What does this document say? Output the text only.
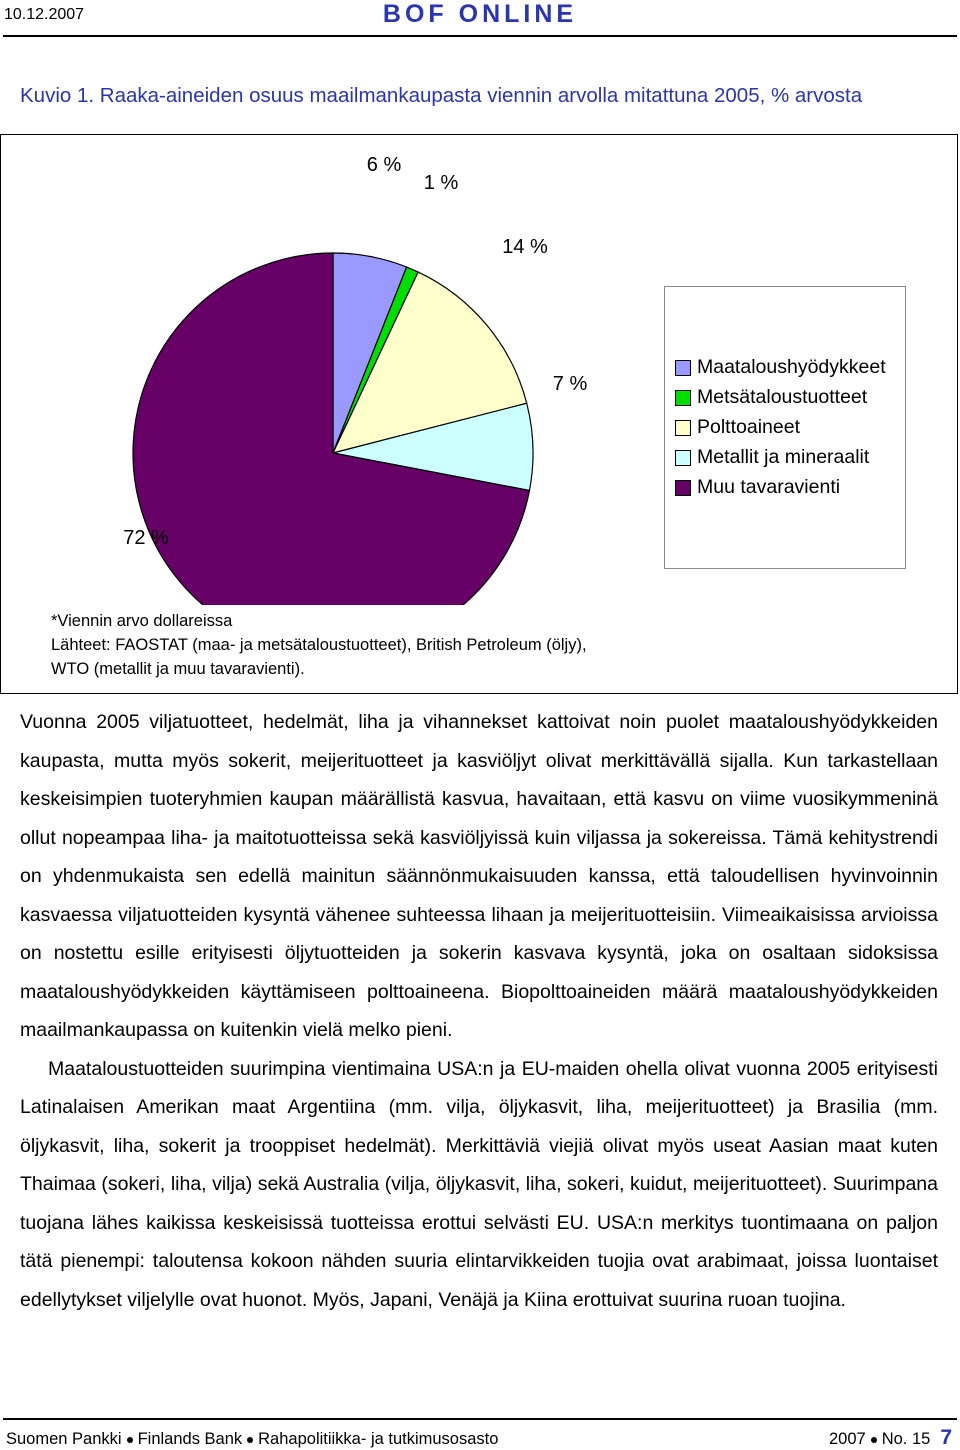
10.12.2007	BOF ONLINE
Kuvio 1. Raaka-aineiden osuus maailmankaupasta viennin arvolla mitattuna 2005, % arvosta
6 %
1 %
14 %
7 %
72 %
Maataloushyödykkeet
Metsätaloustuotteet
Polttoaineet
Metallit ja mineraalit
Muu tavaravienti
*Viennin arvo dollareissa
Lähteet: FAOSTAT (maa- ja metsätaloustuotteet), British Petroleum (öljy),
WTO (metallit ja muu tavaravienti).

Vuonna 2005 viljatuotteet, hedelmät, liha ja vihannekset kattoivat noin puolet maataloushyödykkeiden kaupasta, mutta myös sokerit, meijerituotteet ja kasviöljyt olivat merkittävällä sijalla. Kun tarkastellaan keskeisimpien tuoteryhmien kaupan määrällistä kasvua, havaitaan, että kasvu on viime vuosikymmeninä ollut nopeampaa liha- ja maitotuotteissa sekä kasviöljyissä kuin viljassa ja sokereissa. Tämä kehitystrendi on yhdenmukaista sen edellä mainitun säännönmukaisuuden kanssa, että taloudellisen hyvinvoinnin kasvaessa viljatuotteiden kysyntä vähenee suhteessa lihaan ja meijerituotteisiin. Viimeaikaisissa arvioissa on nostettu esille erityisesti öljytuotteiden ja sokerin kasvava kysyntä, joka on osaltaan sidoksissa maataloushyödykkeiden käyttämiseen polttoaineena. Biopolttoaineiden määrä maataloushyödykkeiden maailmankaupassa on kuitenkin vielä melko pieni.

Maataloustuotteiden suurimpina vientimaina USA:n ja EU-maiden ohella olivat vuonna 2005 erityisesti Latinalaisen Amerikan maat Argentiina (mm. vilja, öljykasvit, liha, meijerituotteet) ja Brasilia (mm. öljykasvit, liha, sokerit ja trooppiset hedelmät). Merkittäviä viejiä olivat myös useat Aasian maat kuten Thaimaa (sokeri, liha, vilja) sekä Australia (vilja, öljykasvit, liha, sokeri, kuidut, meijerituotteet). Suurimpana tuojana lähes kaikissa keskeisissä tuotteissa erottui selvästi EU. USA:n merkitys tuontimaana on paljon tätä pienempi: taloutensa kokoon nähden suuria elintarvikkeiden tuojia ovat arabimaat, joissa luontaiset edellytykset viljelylle ovat huonot. Myös, Japani, Venäjä ja Kiina erottuivat suurina ruoan tuojina.

Suomen Pankki Finlands Bank Rahapolitiikka- ja tutkimusosasto	2007 No. 15 7
